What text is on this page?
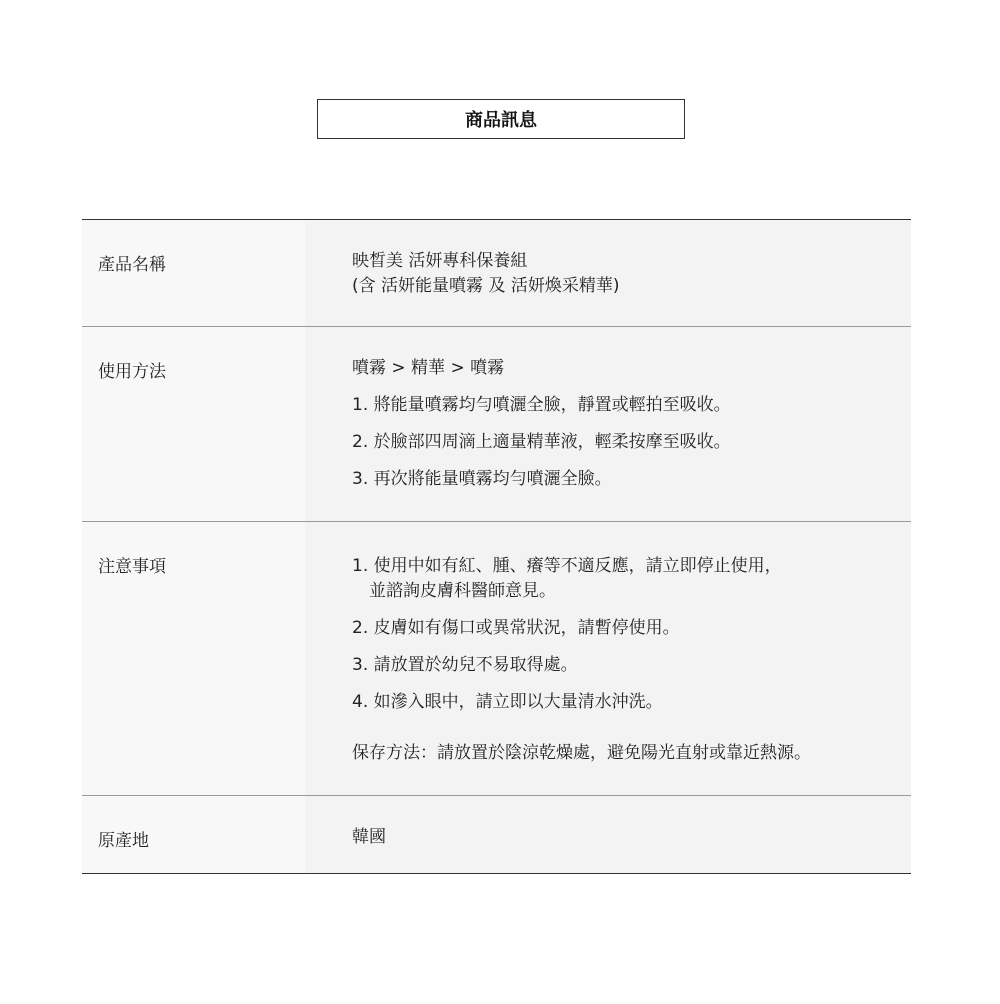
商品訊息
產品名稱	映晳美 活妍專科保養組
(含 活妍能量噴霧 及 活妍煥采精華)
使用方法	噴霧 > 精華 > 噴霧
1. 將能量噴霧均勻噴灑全臉，靜置或輕拍至吸收。
2. 於臉部四周滴上適量精華液，輕柔按摩至吸收。
3. 再次將能量噴霧均勻噴灑全臉。
注意事項	1. 使用中如有紅、腫、癢等不適反應，請立即停止使用，
並諮詢皮膚科醫師意見。
2. 皮膚如有傷口或異常狀況，請暫停使用。
3. 請放置於幼兒不易取得處。
4. 如滲入眼中，請立即以大量清水沖洗。
保存方法：請放置於陰涼乾燥處，避免陽光直射或靠近熱源。
原產地	韓國
